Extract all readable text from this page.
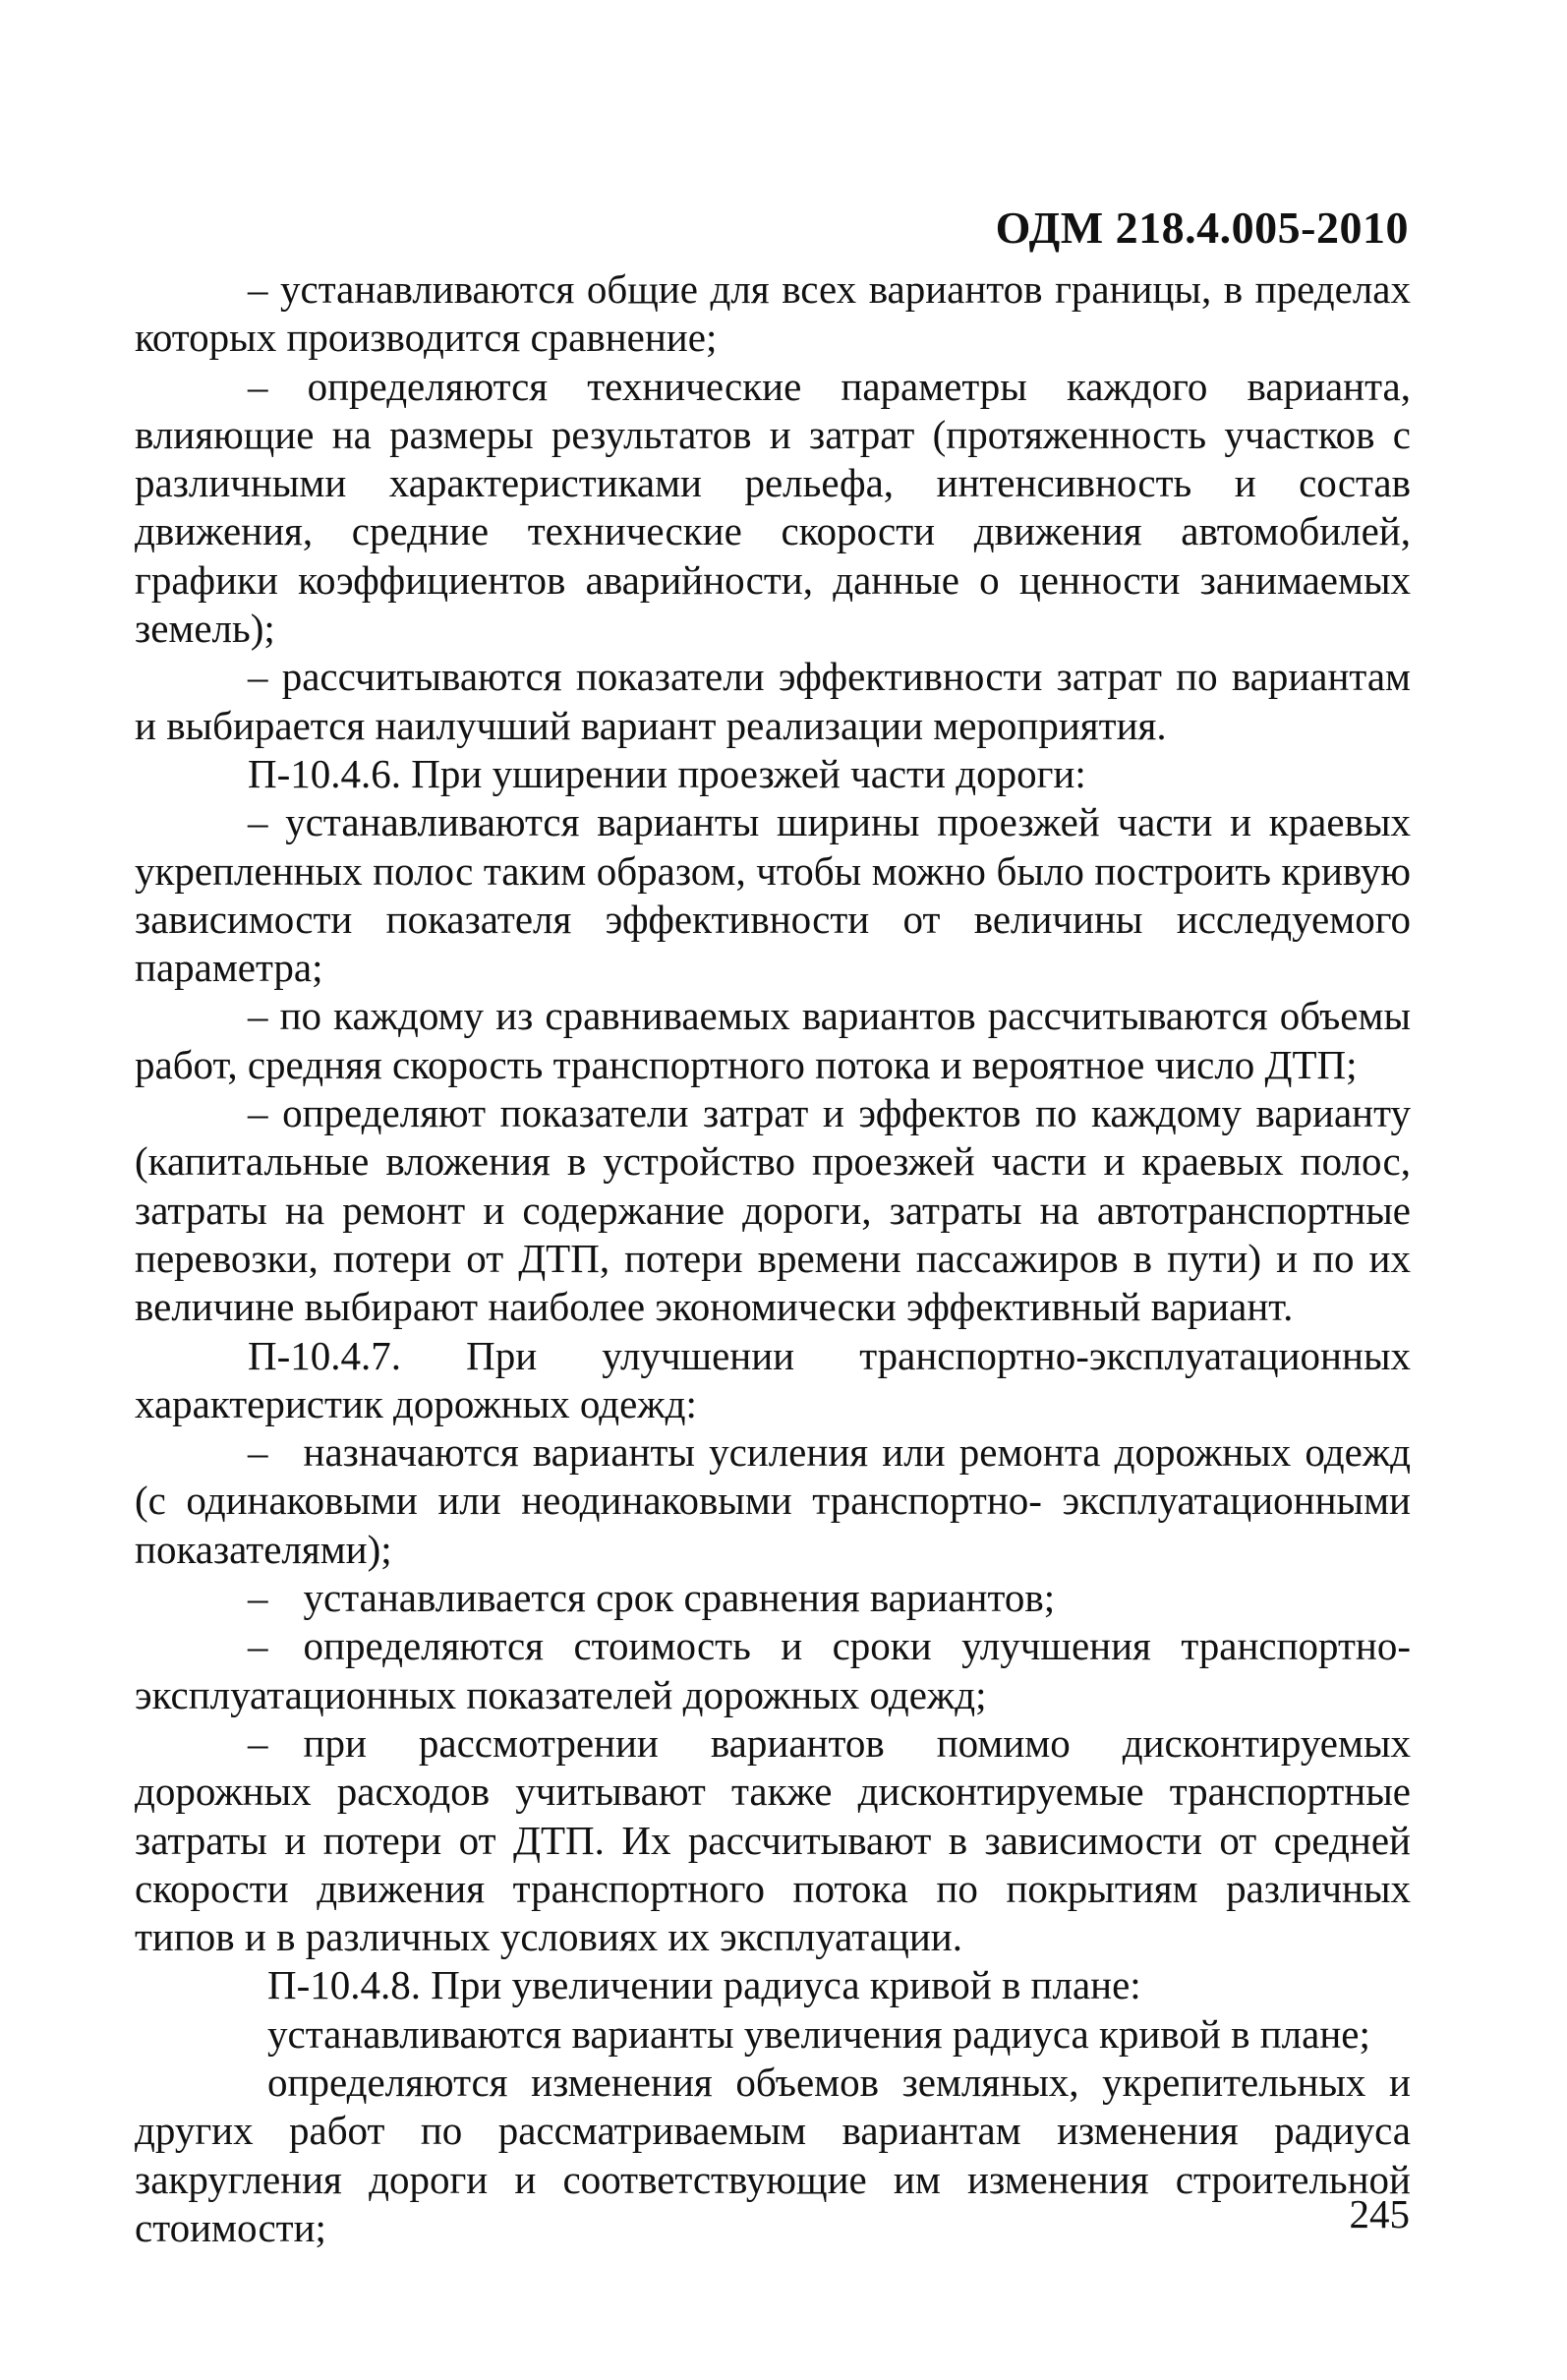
ОДМ 218.4.005-2010

– устанавливаются общие для всех вариантов границы, в пределах которых производится сравнение;

– определяются технические параметры каждого варианта, влияющие на размеры результатов и затрат (протяженность участков с различными характеристиками рельефа, интенсивность и состав движения, средние технические скорости движения автомобилей, графики коэффициентов аварийности, данные о ценности занимаемых земель);

– рассчитываются показатели эффективности затрат по вариантам и выбирается наилучший вариант реализации мероприятия.

П-10.4.6. При уширении проезжей части дороги:

– устанавливаются варианты ширины проезжей части и краевых укрепленных полос таким образом, чтобы можно было построить кривую зависимости показателя эффективности от величины исследуемого параметра;

– по каждому из сравниваемых вариантов рассчитываются объемы работ, средняя скорость транспортного потока и вероятное число ДТП;

– определяют показатели затрат и эффектов по каждому варианту (капитальные вложения в устройство проезжей части и краевых полос, затраты на ремонт и содержание дороги, затраты на автотранспортные перевозки, потери от ДТП, потери времени пассажиров в пути) и по их величине выбирают наиболее экономически эффективный вариант.

П-10.4.7. При улучшении транспортно-эксплуатационных характеристик дорожных одежд:

– назначаются варианты усиления или ремонта дорожных одежд (с одинаковыми или неодинаковыми транспортно- эксплуатационными показателями);

– устанавливается срок сравнения вариантов;

– определяются стоимость и сроки улучшения транспортно-эксплуатационных показателей дорожных одежд;

– при рассмотрении вариантов помимо дисконтируемых дорожных расходов учитывают также дисконтируемые транспортные затраты и потери от ДТП. Их рассчитывают в зависимости от средней скорости движения транспортного потока по покрытиям различных типов и в различных условиях их эксплуатации.

П-10.4.8. При увеличении радиуса кривой в плане:

устанавливаются варианты увеличения радиуса кривой в плане;

определяются изменения объемов земляных, укрепительных и других работ по рассматриваемым вариантам изменения радиуса закругления дороги и соответствующие им изменения строительной стоимости;	245
